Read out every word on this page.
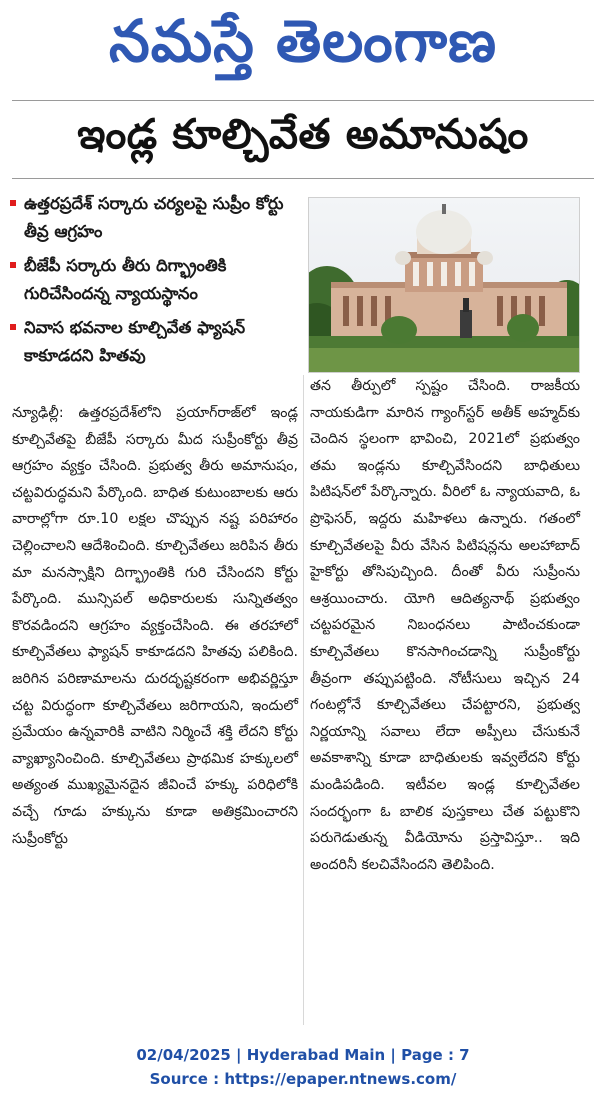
నమస్తే తెలంగాణ
ఇండ్ల కూల్చివేత అమానుషం
ఉత్తరప్రదేశ్ సర్కారు చర్యలపై సుప్రీం కోర్టు తీవ్ర ఆగ్రహం
బీజేపీ సర్కారు తీరు దిగ్భ్రాంతికి గురిచేసిందన్న న్యాయస్థానం
నివాస భవనాల కూల్చివేత ఫ్యాషన్ కాకూడదని హితవు

న్యూఢిల్లీ: ఉత్తరప్రదేశ్‌లోని ప్రయాగ్‌రాజ్‌లో ఇండ్ల కూల్చివేతపై బీజేపీ సర్కారు మీద సుప్రీంకోర్టు తీవ్ర ఆగ్రహం వ్యక్తం చేసింది. ప్రభుత్వ తీరు అమానుషం, చట్టవిరుద్ధమని పేర్కొంది. బాధిత కుటుంబాలకు ఆరు వారాల్లోగా రూ.10 లక్షల చొప్పున నష్ట పరిహారం చెల్లించాలని ఆదేశించింది. కూల్చివేతలు జరిపిన తీరు మా మనస్సాక్షిని దిగ్భ్రాంతికి గురి చేసిందని కోర్టు పేర్కొంది. మున్సిపల్ అధికారులకు సున్నితత్వం కొరవడిందని ఆగ్రహం వ్యక్తంచేసింది. ఈ తరహాలో కూల్చివేతలు ఫ్యాషన్ కాకూడదని హితవు పలికింది. జరిగిన పరిణామాలను దురదృష్టకరంగా అభివర్ణిస్తూ చట్ట విరుద్ధంగా కూల్చివేతలు జరిగాయని, ఇందులో ప్రమేయం ఉన్నవారికి వాటిని నిర్మించే శక్తి లేదని కోర్టు వ్యాఖ్యానించింది. కూల్చివేతలు ప్రాథమిక హక్కులలో అత్యంత ముఖ్యమైనదైన జీవించే హక్కు పరిధిలోకి వచ్చే గూడు హక్కును కూడా అతిక్రమించారని సుప్రీంకోర్టు

తన తీర్పులో స్పష్టం చేసింది. రాజకీయ నాయకుడిగా మారిన గ్యాంగ్‌స్టర్ అతీక్ అహ్మద్‌కు చెందిన స్థలంగా భావించి, 2021లో ప్రభుత్వం తమ ఇండ్లను కూల్చివేసిందని బాధితులు పిటిషన్‌లో పేర్కొన్నారు. వీరిలో ఓ న్యాయవాది, ఓ ప్రొఫెసర్, ఇద్దరు మహిళలు ఉన్నారు. గతంలో కూల్చివేతలపై వీరు వేసిన పిటిషన్లను అలహాబాద్ హైకోర్టు తోసిపుచ్చింది. దీంతో వీరు సుప్రీంను ఆశ్రయించారు. యోగి ఆదిత్యనాథ్ ప్రభుత్వం చట్టపరమైన నిబంధనలు పాటించకుండా కూల్చివేతలు కొనసాగించడాన్ని సుప్రీంకోర్టు తీవ్రంగా తప్పుపట్టింది. నోటీసులు ఇచ్చిన 24 గంటల్లోనే కూల్చివేతలు చేపట్టారని, ప్రభుత్వ నిర్ణయాన్ని సవాలు లేదా అప్పీలు చేసుకునే అవకాశాన్ని కూడా బాధితులకు ఇవ్వలేదని కోర్టు మండిపడింది. ఇటీవల ఇండ్ల కూల్చివేతల సందర్భంగా ఓ బాలిక పుస్తకాలు చేత పట్టుకొని పరుగెడుతున్న వీడియోను ప్రస్తావిస్తూ.. ఇది అందరినీ కలచివేసిందని తెలిపింది.

02/04/2025 | Hyderabad Main | Page : 7
Source : https://epaper.ntnews.com/
